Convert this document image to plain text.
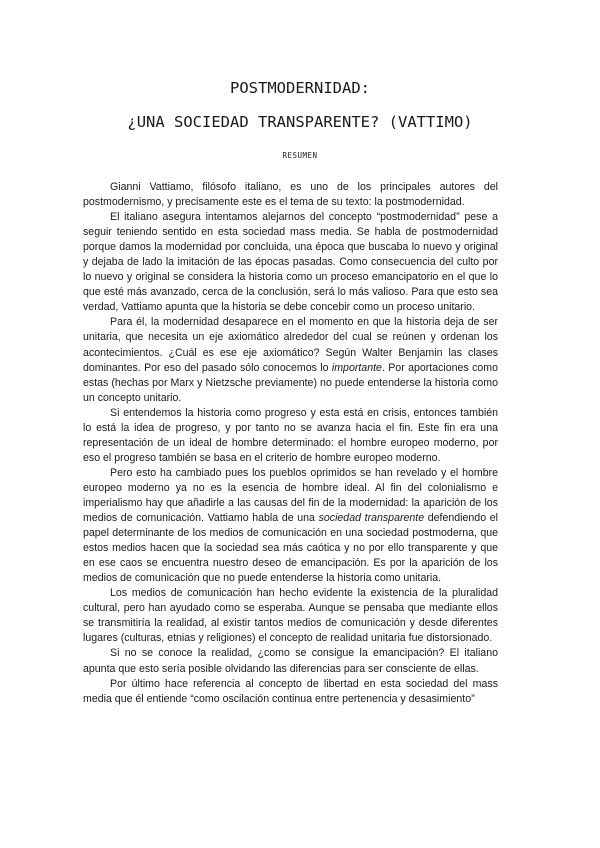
POSTMODERNIDAD:
¿UNA SOCIEDAD TRANSPARENTE? (VATTIMO)
RESUMEN

Gianni Vattiamo, filósofo italiano, es uno de los principales autores del postmodernismo, y precisamente este es el tema de su texto: la postmodernidad.

El italiano asegura intentamos alejarnos del concepto “postmodernidad” pese a seguir teniendo sentido en esta sociedad mass media. Se habla de postmodernidad porque damos la modernidad por concluida, una época que buscaba lo nuevo y original y dejaba de lado la imitación de las épocas pasadas. Como consecuencia del culto por lo nuevo y original se considera la historia como un proceso emancipatorio en el que lo que esté más avanzado, cerca de la conclusión, será lo más valioso. Para que esto sea verdad, Vattiamo apunta que la historia se debe concebir como un proceso unitario.

Para él, la modernidad desaparece en el momento en que la historia deja de ser unitaria, que necesita un eje axiomático alrededor del cual se reúnen y ordenan los acontecimientos. ¿Cuál es ese eje axiomático? Según Walter Benjamin las clases dominantes. Por eso del pasado sólo conocemos lo importante. Por aportaciones como estas (hechas por Marx y Nietzsche previamente) no puede entenderse la historia como un concepto unitario.

Si entendemos la historia como progreso y esta está en crisis, entonces también lo está la idea de progreso, y por tanto no se avanza hacia el fin. Este fin era una representación de un ideal de hombre determinado: el hombre europeo moderno, por eso el progreso también se basa en el criterio de hombre europeo moderno.

Pero esto ha cambiado pues los pueblos oprimidos se han revelado y el hombre europeo moderno ya no es la esencia de hombre ideal. Al fin del colonialismo e imperialismo hay que añadirle a las causas del fin de la modernidad: la aparición de los medios de comunicación. Vattiamo habla de una sociedad transparente defendiendo el papel determinante de los medios de comunicación en una sociedad postmoderna, que estos medios hacen que la sociedad sea más caótica y no por ello transparente y que en ese caos se encuentra nuestro deseo de emancipación. Es por la aparición de los medios de comunicación que no puede entenderse la historia como unitaria.

Los medios de comunicación han hecho evidente la existencia de la pluralidad cultural, pero han ayudado como se esperaba. Aunque se pensaba que mediante ellos se transmitiría la realidad, al existir tantos medios de comunicación y desde diferentes lugares (culturas, etnias y religiones) el concepto de realidad unitaria fue distorsionado.

Si no se conoce la realidad, ¿como se consigue la emancipación? El italiano apunta que esto sería posible olvidando las diferencias para ser consciente de ellas.

Por último hace referencia al concepto de libertad en esta sociedad del mass media que él entiende “como oscilación continua entre pertenencia y desasimiento”
